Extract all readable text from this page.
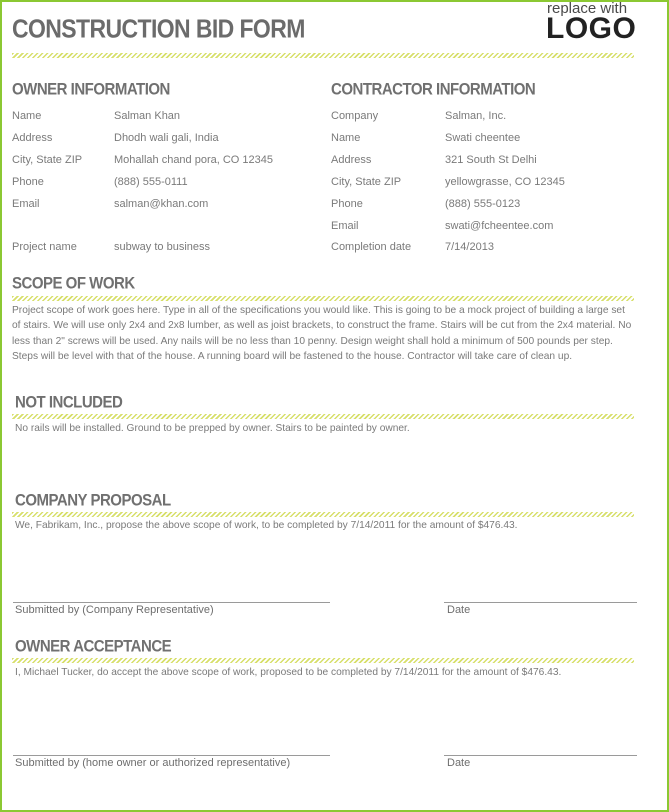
CONSTRUCTION BID FORM
replace with
LOGO
OWNER INFORMATION
Name	Salman Khan
Address	Dhodh wali gali, India
City, State ZIP	Mohallah chand pora, CO 12345
Phone	(888) 555-0111
Email	salman@khan.com
Project name	subway to business
CONTRACTOR INFORMATION
Company	Salman, Inc.
Name	Swati cheentee
Address	321 South St Delhi
City, State ZIP	yellowgrasse, CO 12345
Phone	(888) 555-0123
Email	swati@fcheentee.com
Completion date	7/14/2013
SCOPE OF WORK
Project scope of work goes here. Type in all of the specifications you would like. This is going to be a mock project of building a large set of stairs. We will use only 2x4 and 2x8 lumber, as well as joist brackets, to construct the frame. Stairs will be cut from the 2x4 material. No less than 2" screws will be used. Any nails will be no less than 10 penny. Design weight shall hold a minimum of 500 pounds per step. Steps will be level with that of the house. A running board will be fastened to the house. Contractor will take care of clean up.
NOT INCLUDED
No rails will be installed. Ground to be prepped by owner. Stairs to be painted by owner.
COMPANY PROPOSAL
We, Fabrikam, Inc., propose the above scope of work, to be completed by 7/14/2011 for the amount of $476.43.
Submitted by (Company Representative)	Date
OWNER ACCEPTANCE
I, Michael Tucker, do accept the above scope of work, proposed to be completed by 7/14/2011 for the amount of $476.43.
Submitted by (home owner or authorized representative)	Date
